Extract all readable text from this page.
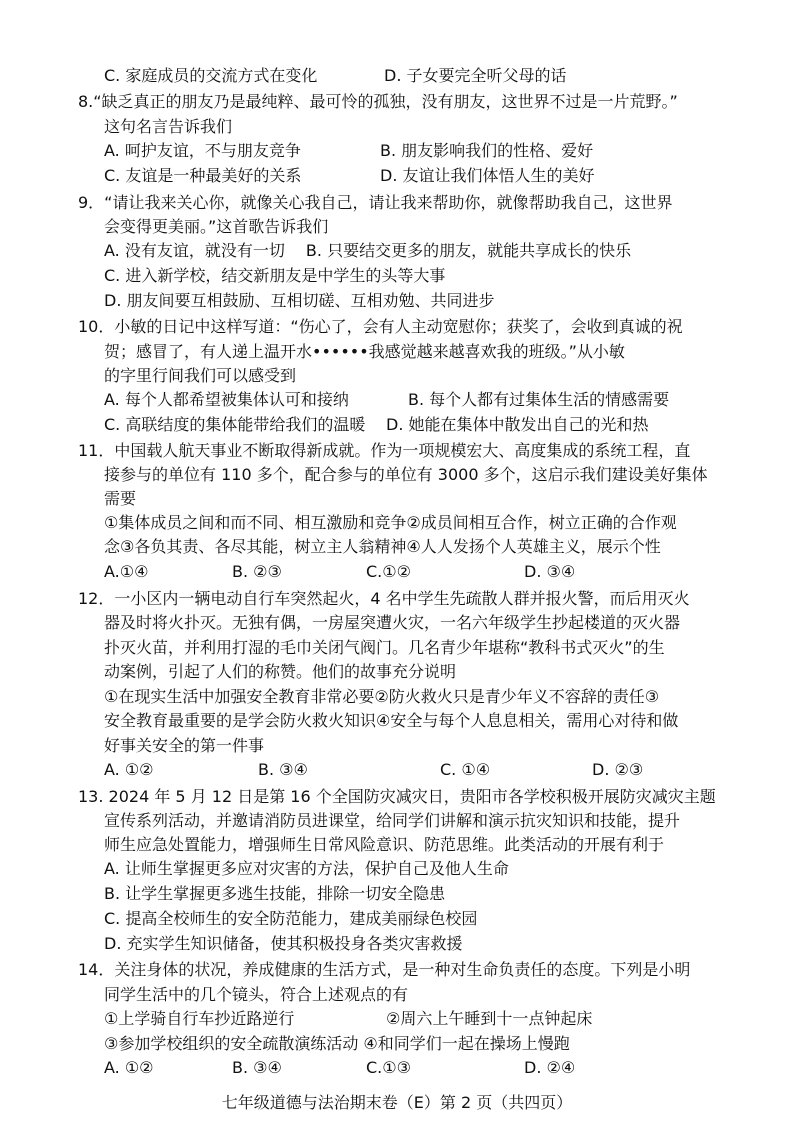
C. 家庭成员的交流方式在变化	D. 子女要完全听父母的话
8.“缺乏真正的朋友乃是最纯粹、最可怜的孤独，没有朋友，这世界不过是一片荒野。”
这句名言告诉我们
A. 呵护友谊，不与朋友竞争	B. 朋友影响我们的性格、爱好
C. 友谊是一种最美好的关系	D. 友谊让我们体悟人生的美好
9．“请让我来关心你，就像关心我自己，请让我来帮助你，就像帮助我自己，这世界
会变得更美丽。”这首歌告诉我们
A. 没有友谊，就没有一切　 B. 只要结交更多的朋友，就能共享成长的快乐
C. 进入新学校，结交新朋友是中学生的头等大事
D. 朋友间要互相鼓励、互相切磋、互相劝勉、共同进步
10．小敏的日记中这样写道：“伤心了，会有人主动宽慰你；获奖了，会收到真诚的祝
贺；感冒了，有人递上温开水••••••我感觉越来越喜欢我的班级。”从小敏
的字里行间我们可以感受到
A. 每个人都希望被集体认可和接纳	B. 每个人都有过集体生活的情感需要
C. 高联结度的集体能带给我们的温暖 D. 她能在集体中散发出自己的光和热
11．中国载人航天事业不断取得新成就。作为一项规模宏大、高度集成的系统工程，直
接参与的单位有 110 多个，配合参与的单位有 3000 多个，这启示我们建设美好集体
需要
①集体成员之间和而不同、相互激励和竞争②成员间相互合作，树立正确的合作观
念③各负其责、各尽其能，树立主人翁精神④人人发扬个人英雄主义，展示个性
A.①④	B. ②③	C.①②	D. ③④
12．一小区内一辆电动自行车突然起火，4 名中学生先疏散人群并报火警，而后用灭火
器及时将火扑灭。无独有偶，一房屋突遭火灾，一名六年级学生抄起楼道的灭火器
扑灭火苗，并利用打湿的毛巾关闭气阀门。几名青少年堪称“教科书式灭火”的生
动案例，引起了人们的称赞。他们的故事充分说明
①在现实生活中加强安全教育非常必要②防火救火只是青少年义不容辞的责任③
安全教育最重要的是学会防火救火知识④安全与每个人息息相关，需用心对待和做
好事关安全的第一件事
A. ①②	B. ③④	C. ①④	D. ②③
13. 2024 年 5 月 12 日是第 16 个全国防灾减灾日，贵阳市各学校积极开展防灾减灾主题
宣传系列活动，并邀请消防员进课堂，给同学们讲解和演示抗灾知识和技能，提升
师生应急处置能力，增强师生日常风险意识、防范思维。此类活动的开展有利于
A. 让师生掌握更多应对灾害的方法，保护自己及他人生命
B. 让学生掌握更多逃生技能，排除一切安全隐患
C. 提高全校师生的安全防范能力，建成美丽绿色校园
D. 充实学生知识储备，使其积极投身各类灾害救援
14．关注身体的状况，养成健康的生活方式，是一种对生命负责任的态度。下列是小明
同学生活中的几个镜头，符合上述观点的有
①上学骑自行车抄近路逆行	②周六上午睡到十一点钟起床
③参加学校组织的安全疏散演练活动 ④和同学们一起在操场上慢跑
A. ①②	B. ③④	C.①③	D. ②④
七年级道德与法治期末卷（E）第 2 页（共四页）
